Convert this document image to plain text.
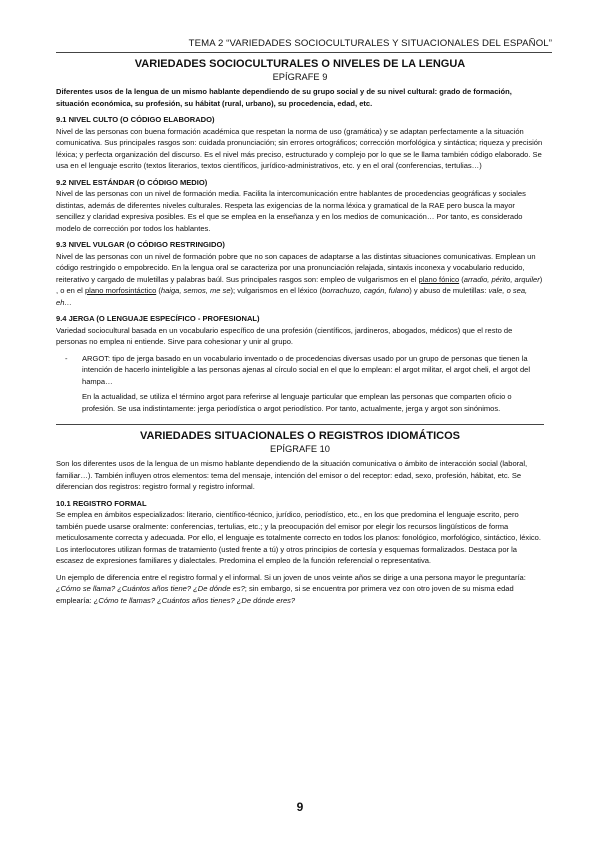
TEMA 2 “VARIEDADES SOCIOCULTURALES Y SITUACIONALES DEL ESPAÑOL”
VARIEDADES SOCIOCULTURALES O NIVELES DE LA LENGUA
EPÍGRAFE 9

Diferentes usos de la lengua de un mismo hablante dependiendo de su grupo social y de su nivel cultural: grado de formación, situación económica, su profesión, su hábitat (rural, urbano), su procedencia, edad, etc.

9.1 NIVEL CULTO (O CÓDIGO ELABORADO)

Nivel de las personas con buena formación académica que respetan la norma de uso (gramática) y se adaptan perfectamente a la situación comunicativa. Sus principales rasgos son: cuidada pronunciación; sin errores ortográficos; corrección morfológica y sintáctica; riqueza y precisión léxica; y perfecta organización del discurso. Es el nivel más preciso, estructurado y complejo por lo que se le llama también código elaborado. Se usa en el lenguaje escrito (textos literarios, textos científicos, jurídico-administrativos, etc. y en el oral (conferencias, tertulias…)

9.2 NIVEL ESTÁNDAR (O CÓDIGO MEDIO)

Nivel de las personas con un nivel de formación media. Facilita la intercomunicación entre hablantes de procedencias geográficas y sociales distintas, además de diferentes niveles culturales. Respeta las exigencias de la norma léxica y gramatical de la RAE pero busca la mayor sencillez y claridad expresiva posibles. Es el que se emplea en la enseñanza y en los medios de comunicación… Por tanto, es considerado modelo de corrección por todos los hablantes.

9.3 NIVEL VULGAR (O CÓDIGO RESTRINGIDO)

Nivel de las personas con un nivel de formación pobre que no son capaces de adaptarse a las distintas situaciones comunicativas. Emplean un código restringido o empobrecido. En la lengua oral se caracteriza por una pronunciación relajada, sintaxis inconexa y vocabulario reducido, reiterativo y cargado de muletillas y palabras baúl. Sus principales rasgos son: empleo de vulgarismos en el plano fónico (arradio, périto, arquiler) , o en el plano morfosintáctico (haiga, semos, me se); vulgarismos en el léxico (borrachuzo, cagón, fulano) y abuso de muletillas: vale, o sea, eh…

9.4 JERGA (O LENGUAJE ESPECÍFICO - PROFESIONAL)

Variedad sociocultural basada en un vocabulario específico de una profesión (científicos, jardineros, abogados, médicos) que el resto de personas no emplea ni entiende. Sirve para cohesionar y unir al grupo.

- ARGOT: tipo de jerga basado en un vocabulario inventado o de procedencias diversas usado por un grupo de personas que tienen la intención de hacerlo ininteligible a las personas ajenas al círculo social en el que lo emplean: el argot militar, el argot cheli, el argot del hampa…

En la actualidad, se utiliza el término argot para referirse al lenguaje particular que emplean las personas que comparten oficio o profesión. Se usa indistintamente: jerga periodística o argot periodístico. Por tanto, actualmente, jerga y argot son sinónimos.

VARIEDADES SITUACIONALES O REGISTROS IDIOMÁTICOS
EPÍGRAFE 10

Son los diferentes usos de la lengua de un mismo hablante dependiendo de la situación comunicativa o ámbito de interacción social (laboral, familiar…). También influyen otros elementos: tema del mensaje, intención del emisor o del receptor: edad, sexo, profesión, hábitat, etc. Se diferencian dos registros: registro formal y registro informal.

10.1 REGISTRO FORMAL

Se emplea en ámbitos especializados: literario, científico-técnico, jurídico, periodístico, etc., en los que predomina el lenguaje escrito, pero también puede usarse oralmente: conferencias, tertulias, etc.; y la preocupación del emisor por elegir los recursos lingüísticos de forma meticulosamente correcta y adecuada. Por ello, el lenguaje es totalmente correcto en todos los planos: fonológico, morfológico, sintáctico, léxico. Los interlocutores utilizan formas de tratamiento (usted frente a tú) y otros principios de cortesía y esquemas formalizados. Destaca por la escasez de expresiones familiares y dialectales. Predomina el empleo de la función referencial o representativa.

Un ejemplo de diferencia entre el registro formal y el informal. Si un joven de unos veinte años se dirige a una persona mayor le preguntaría: ¿Cómo se llama? ¿Cuántos años tiene? ¿De dónde es?; sin embargo, si se encuentra por primera vez con otro joven de su misma edad emplearía: ¿Cómo te llamas? ¿Cuántos años tienes? ¿De dónde eres?

9
